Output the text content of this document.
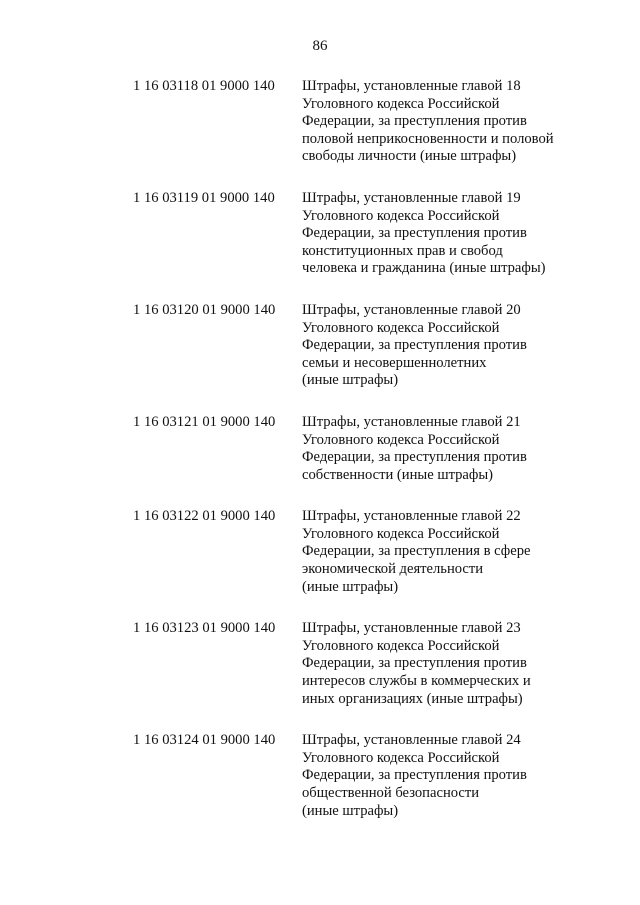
86
1 16 03118 01 9000 140	Штрафы, установленные главой 18
Уголовного кодекса Российской
Федерации, за преступления против
половой неприкосновенности и половой
свободы личности (иные штрафы)
1 16 03119 01 9000 140	Штрафы, установленные главой 19
Уголовного кодекса Российской
Федерации, за преступления против
конституционных прав и свобод
человека и гражданина (иные штрафы)
1 16 03120 01 9000 140	Штрафы, установленные главой 20
Уголовного кодекса Российской
Федерации, за преступления против
семьи и несовершеннолетних
(иные штрафы)
1 16 03121 01 9000 140	Штрафы, установленные главой 21
Уголовного кодекса Российской
Федерации, за преступления против
собственности (иные штрафы)
1 16 03122 01 9000 140	Штрафы, установленные главой 22
Уголовного кодекса Российской
Федерации, за преступления в сфере
экономической деятельности
(иные штрафы)
1 16 03123 01 9000 140	Штрафы, установленные главой 23
Уголовного кодекса Российской
Федерации, за преступления против
интересов службы в коммерческих и
иных организациях (иные штрафы)
1 16 03124 01 9000 140	Штрафы, установленные главой 24
Уголовного кодекса Российской
Федерации, за преступления против
общественной безопасности
(иные штрафы)
